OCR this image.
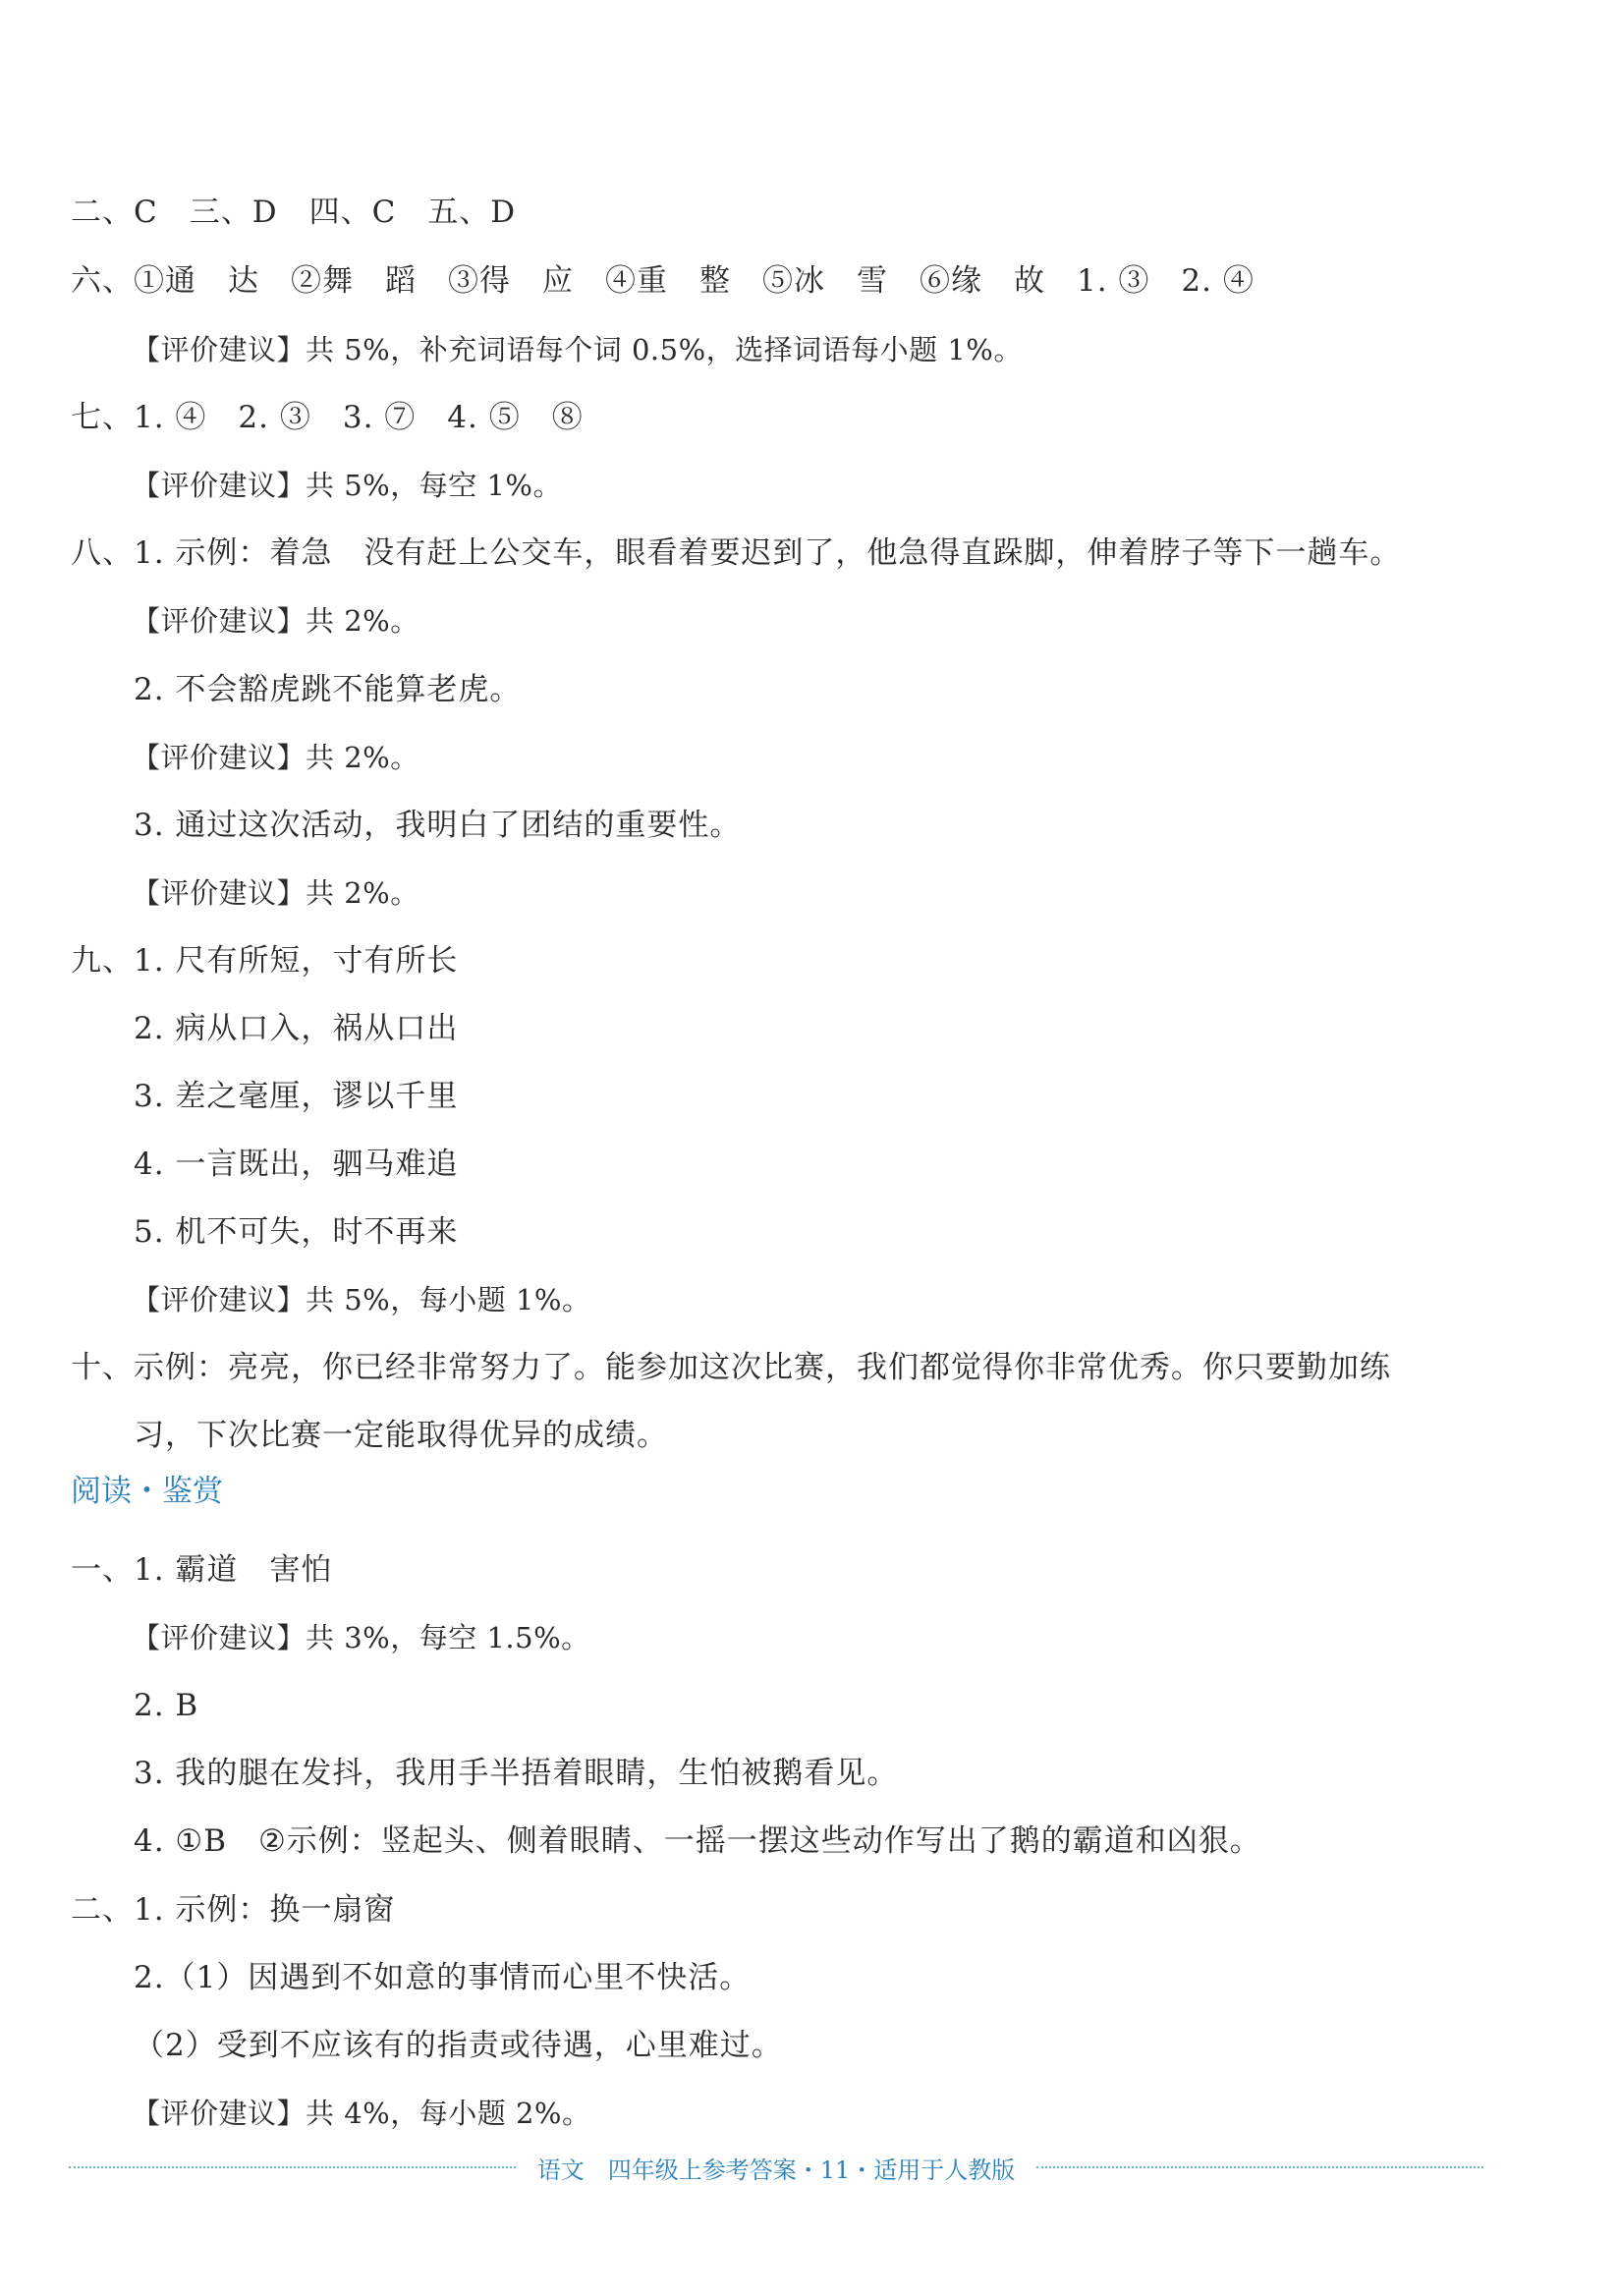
二、C　三、D　四、C　五、D
六、①通　达　②舞　蹈　③得　应　④重　整　⑤冰　雪　⑥缘　故　1. ③　2. ④
【评价建议】共 5%，补充词语每个词 0.5%，选择词语每小题 1%。
七、1. ④　2. ③　3. ⑦　4. ⑤　⑧
【评价建议】共 5%，每空 1%。
八、1. 示例：着急　没有赶上公交车，眼看着要迟到了，他急得直跺脚，伸着脖子等下一趟车。
【评价建议】共 2%。
2. 不会豁虎跳不能算老虎。
【评价建议】共 2%。
3. 通过这次活动，我明白了团结的重要性。
【评价建议】共 2%。
九、1. 尺有所短，寸有所长
2. 病从口入，祸从口出
3. 差之毫厘，谬以千里
4. 一言既出，驷马难追
5. 机不可失，时不再来
【评价建议】共 5%，每小题 1%。
十、示例：亮亮，你已经非常努力了。能参加这次比赛，我们都觉得你非常优秀。你只要勤加练
习，下次比赛一定能取得优异的成绩。
阅读・鉴赏
一、1. 霸道　害怕
【评价建议】共 3%，每空 1.5%。
2. B
3. 我的腿在发抖，我用手半捂着眼睛，生怕被鹅看见。
4. ①B　②示例：竖起头、侧着眼睛、一摇一摆这些动作写出了鹅的霸道和凶狠。
二、1. 示例：换一扇窗
2.（1）因遇到不如意的事情而心里不快活。
（2）受到不应该有的指责或待遇，心里难过。
【评价建议】共 4%，每小题 2%。
语文　四年级上参考答案・11・适用于人教版
